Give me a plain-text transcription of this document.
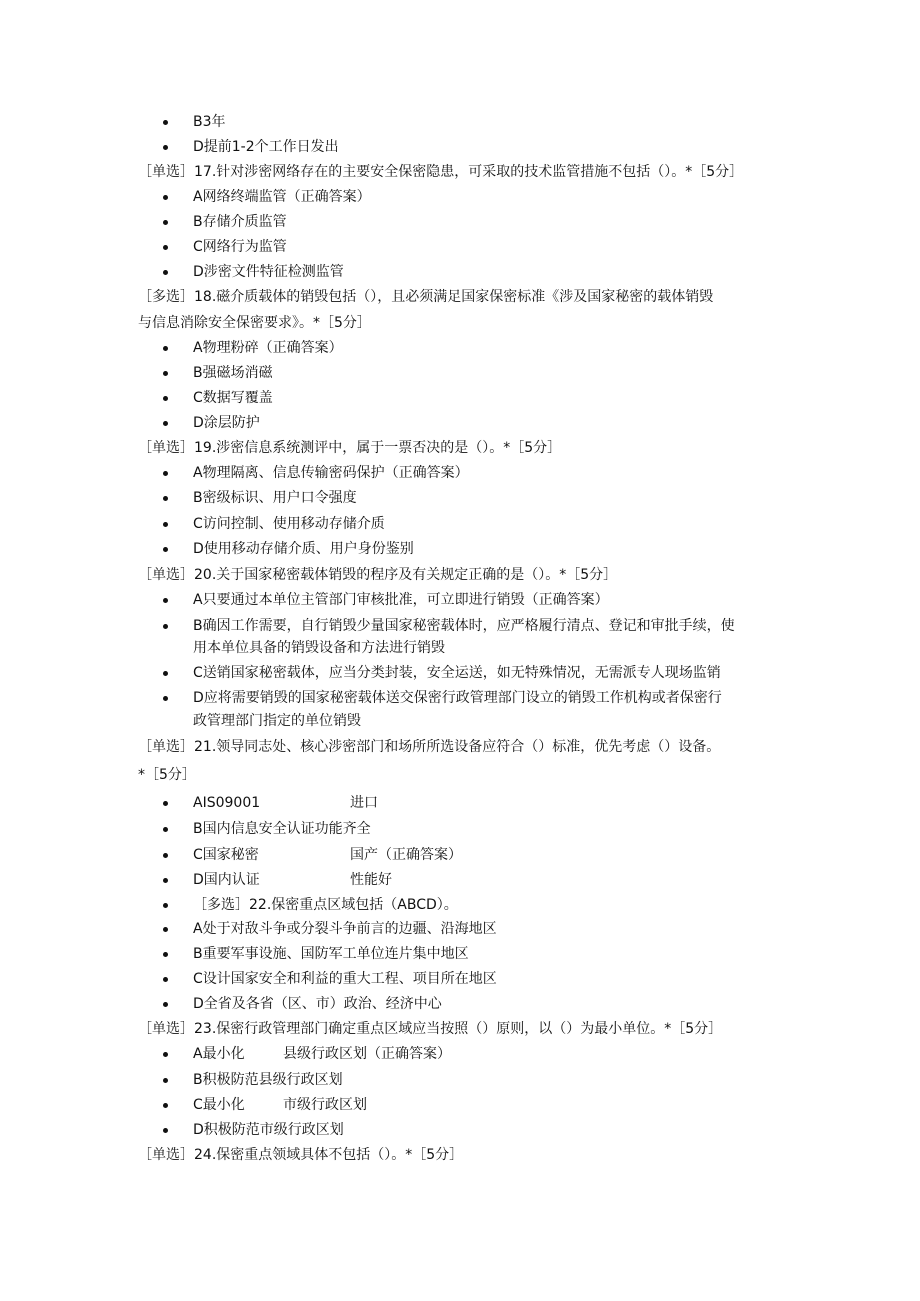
B3年
D提前1-2个工作日发出
［单选］17.针对涉密网络存在的主要安全保密隐患，可采取的技术监管措施不包括（）。*［5分］
A网络终端监管（正确答案）
B存储介质监管
C网络行为监管
D涉密文件特征检测监管
［多选］18.磁介质载体的销毁包括（），且必须满足国家保密标准《涉及国家秘密的载体销毁
与信息消除安全保密要求》。*［5分］
A物理粉碎（正确答案）
B强磁场消磁
C数据写覆盖
D涂层防护
［单选］19.涉密信息系统测评中，属于一票否决的是（）。*［5分］
A物理隔离、信息传输密码保护（正确答案）
B密级标识、用户口令强度
C访问控制、使用移动存储介质
D使用移动存储介质、用户身份鉴别
［单选］20.关于国家秘密载体销毁的程序及有关规定正确的是（）。*［5分］
A只要通过本单位主管部门审核批准，可立即进行销毁（正确答案）
B确因工作需要，自行销毁少量国家秘密载体时，应严格履行清点、登记和审批手续，使
用本单位具备的销毁设备和方法进行销毁
C送销国家秘密载体，应当分类封装，安全运送，如无特殊情况，无需派专人现场监销
D应将需要销毁的国家秘密载体送交保密行政管理部门设立的销毁工作机构或者保密行
政管理部门指定的单位销毁
［单选］21.领导同志处、核心涉密部门和场所所选设备应符合（）标准，优先考虑（）设备。
*［5分］
AIS09001	进口
B国内信息安全认证功能齐全
C国家秘密	国产（正确答案）
D国内认证	性能好
［多选］22.保密重点区域包括（ABCD）。
A处于对敌斗争或分裂斗争前言的边疆、沿海地区
B重要军事设施、国防军工单位连片集中地区
C设计国家安全和利益的重大工程、项目所在地区
D全省及各省（区、市）政治、经济中心
［单选］23.保密行政管理部门确定重点区域应当按照（）原则，以（）为最小单位。*［5分］
A最小化	县级行政区划（正确答案）
B积极防范县级行政区划
C最小化	市级行政区划
D积极防范市级行政区划
［单选］24.保密重点领域具体不包括（）。*［5分］
